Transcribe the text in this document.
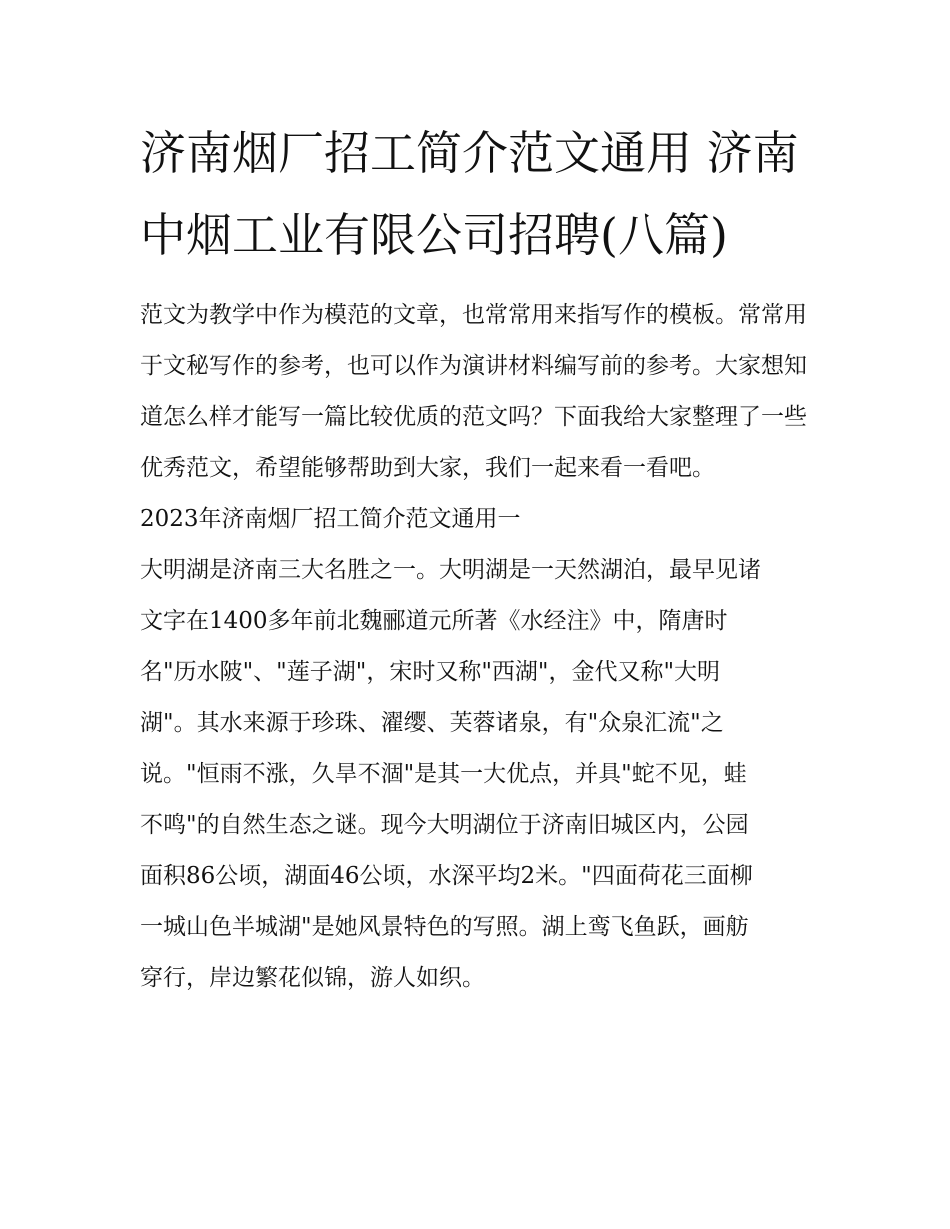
济南烟厂招工简介范文通用 济南中烟工业有限公司招聘(八篇)

范文为教学中作为模范的文章，也常常用来指写作的模板。常常用于文秘写作的参考，也可以作为演讲材料编写前的参考。大家想知道怎么样才能写一篇比较优质的范文吗？下面我给大家整理了一些优秀范文，希望能够帮助到大家，我们一起来看一看吧。

2023年济南烟厂招工简介范文通用一
大明湖是济南三大名胜之一。大明湖是一天然湖泊，最早见诸
文字在1400多年前北魏郦道元所著《水经注》中，隋唐时
名"历水陂"、"莲子湖"，宋时又称"西湖"，金代又称"大明
湖"。其水来源于珍珠、濯缨、芙蓉诸泉，有"众泉汇流"之
说。"恒雨不涨，久旱不涸"是其一大优点，并具"蛇不见，蛙
不鸣"的自然生态之谜。现今大明湖位于济南旧城区内，公园
面积86公顷，湖面46公顷，水深平均2米。"四面荷花三面柳
一城山色半城湖"是她风景特色的写照。湖上鸾飞鱼跃，画舫
穿行，岸边繁花似锦，游人如织。
